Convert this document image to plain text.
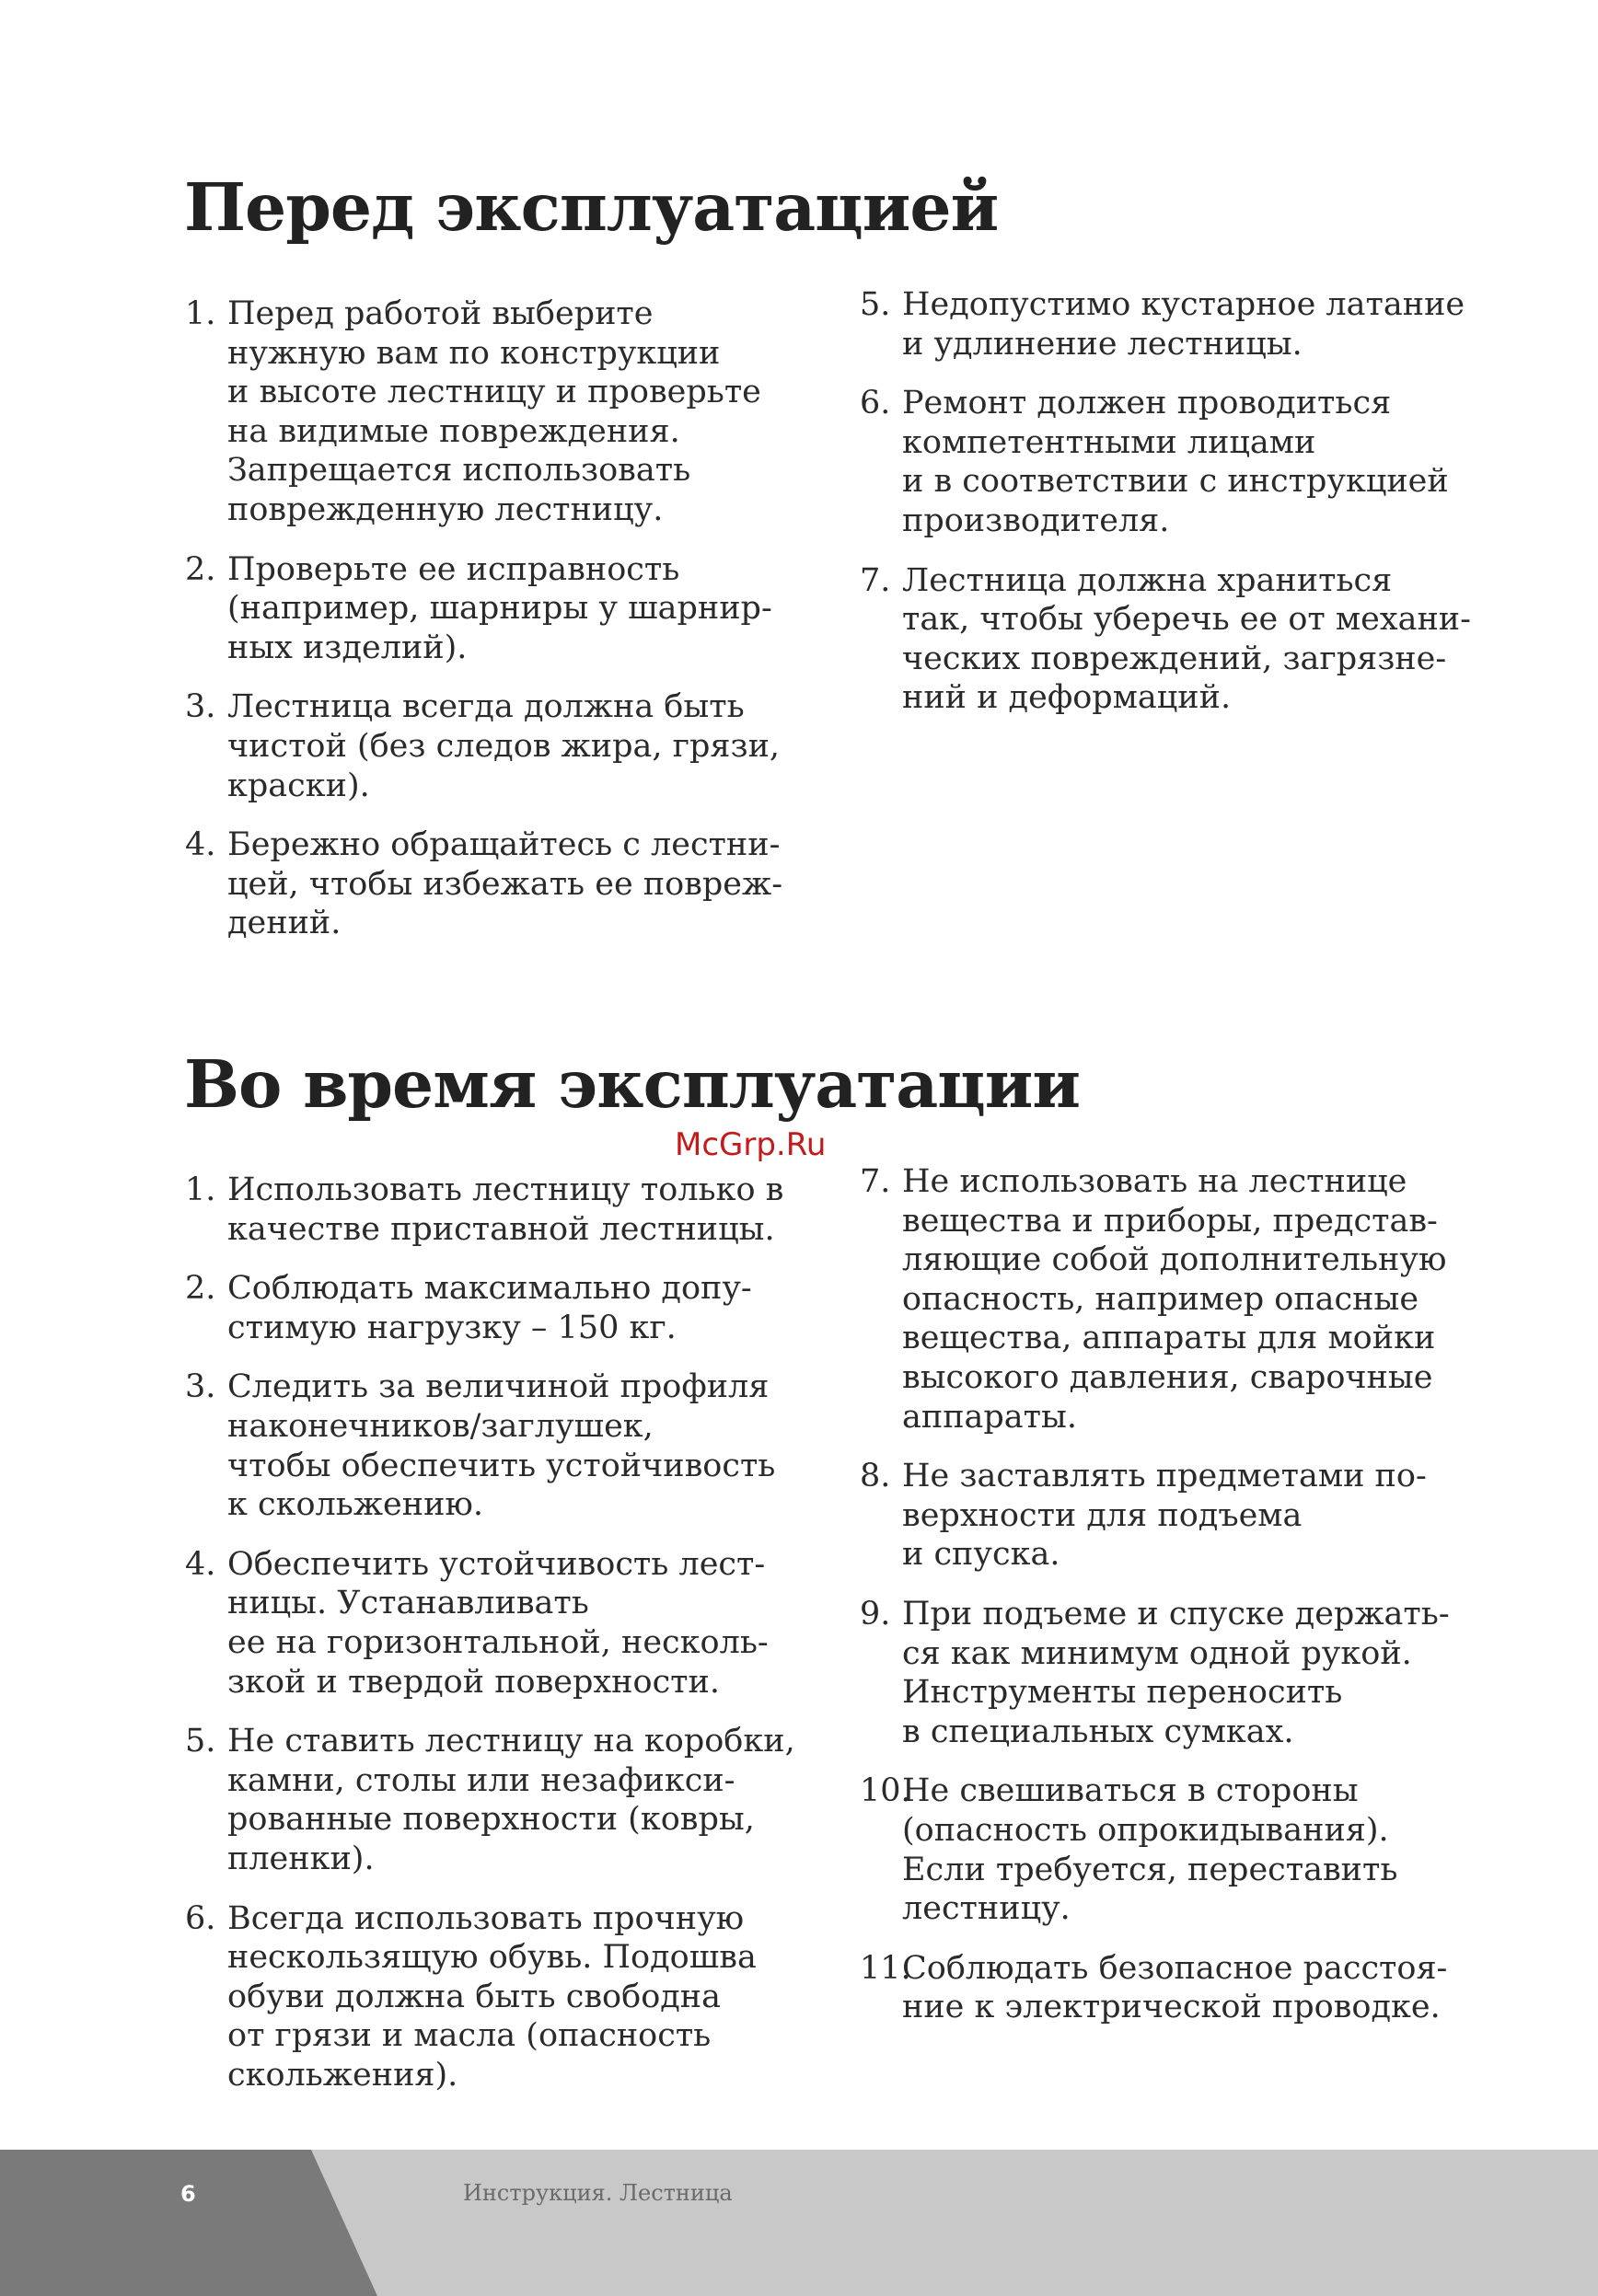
Перед эксплуатацией
1. Перед работой выберите
нужную вам по конструкции
и высоте лестницу и проверьте
на видимые повреждения.
Запрещается использовать
поврежденную лестницу.
2. Проверьте ее исправность
(например, шарниры у шарнир-
ных изделий).
3. Лестница всегда должна быть
чистой (без следов жира, грязи,
краски).
4. Бережно обращайтесь с лестни-
цей, чтобы избежать ее повреж-
дений.
5. Недопустимо кустарное латание
и удлинение лестницы.
6. Ремонт должен проводиться
компетентными лицами
и в соответствии с инструкцией
производителя.
7. Лестница должна храниться
так, чтобы уберечь ее от механи-
ческих повреждений, загрязне-
ний и деформаций.
Во время эксплуатации
McGrp.Ru
1. Использовать лестницу только в
качестве приставной лестницы.
2. Соблюдать максимально допу-
стимую нагрузку – 150 кг.
3. Следить за величиной профиля
наконечников/заглушек,
чтобы обеспечить устойчивость
к скольжению.
4. Обеспечить устойчивость лест-
ницы. Устанавливать
ее на горизонтальной, несколь-
зкой и твердой поверхности.
5. Не ставить лестницу на коробки,
камни, столы или незафикси-
рованные поверхности (ковры,
пленки).
6. Всегда использовать прочную
нескользящую обувь. Подошва
обуви должна быть свободна
от грязи и масла (опасность
скольжения).
7. Не использовать на лестнице
вещества и приборы, представ-
ляющие собой дополнительную
опасность, например опасные
вещества, аппараты для мойки
высокого давления, сварочные
аппараты.
8. Не заставлять предметами по-
верхности для подъема
и спуска.
9. При подъеме и спуске держать-
ся как минимум одной рукой.
Инструменты переносить
в специальных сумках.
10.
Не свешиваться в стороны
(опасность опрокидывания).
Если требуется, переставить
лестницу.
11.
Соблюдать безопасное расстоя-
ние к электрической проводке.
6	Инструкция. Лестница
